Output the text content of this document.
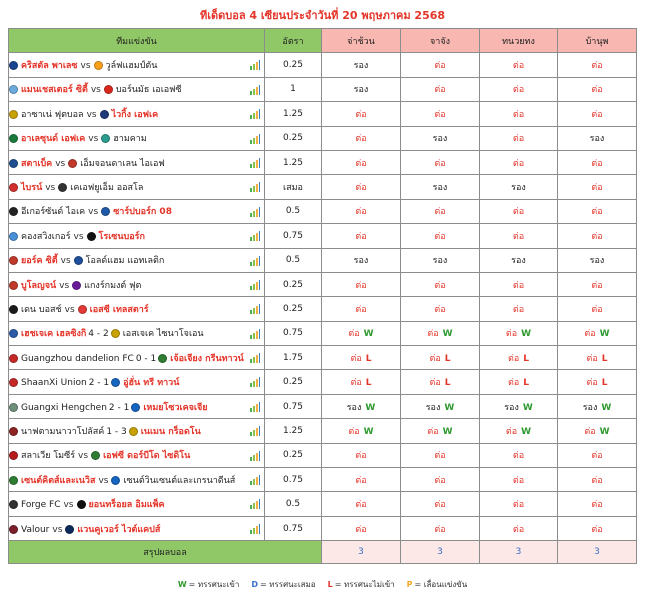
ทีเด็ดบอล 4 เซียนประจำวันที่ 20 พฤษภาคม 2568
ทีมแข่งขัน	อัตรา	จ่าช้วน	จาจัง	ทนวยทง	บ้านุพ
คริสตัล พาเลซ vs วูล์ฟแฮมป์ตัน	0.25	รอง	ต่อ	ต่อ	ต่อ
แมนเชสเตอร์ ซิตี้ vs บอร์นมัธ เอเอฟซี	1	รอง	ต่อ	ต่อ	ต่อ
อาซาเน่ ฟุตบอล vs ไวกิ้ง เอฟเค	1.25	ต่อ	ต่อ	ต่อ	ต่อ
อาเลซุนด์ เอฟเค vs ฮามคาม	0.25	ต่อ	รอง	ต่อ	รอง
สตาเบ็ค vs เอ็มจอนดาเลน ไอเอฟ	1.25	ต่อ	ต่อ	ต่อ	ต่อ
ไบรน์ vs เคเอฟยูเอ็ม ออสโล	เสมอ	ต่อ	รอง	รอง	ต่อ
อีเกอร์ซันด์ ไอเค vs ซาร์ปบอร์ก 08	0.5	ต่อ	ต่อ	ต่อ	ต่อ
คองสวิงเกอร์ vs โรเซนบอร์ก	0.75	ต่อ	ต่อ	ต่อ	ต่อ
ยอร์ค ซิตี้ vs โอลด์แฮม แอทเลติก	0.5	รอง	รอง	รอง	รอง
บูโลญจน์ vs แกงร์กมงต์ ฟุต	0.25	ต่อ	ต่อ	ต่อ	ต่อ
เดน บอสช์ vs เอสซี เทลสตาร์	0.25	ต่อ	ต่อ	ต่อ	ต่อ
เฮชเจเค เฮลซิงกิ 4 - 2 เอสเจเค ไซนาโจเอน	0.75	ต่อ W	ต่อ W	ต่อ W	ต่อ W
Guangzhou dandelion FC 0 - 1 เจ้อเจียง กรีนทาวน์	1.75	ต่อ L	ต่อ L	ต่อ L	ต่อ L
ShaanXi Union 2 - 1 อู่ฮั่น ทรี ทาวน์	0.25	ต่อ L	ต่อ L	ต่อ L	ต่อ L
Guangxi Hengchen 2 - 1 เหมยโซวเคจเจีย	0.75	รอง W	รอง W	รอง W	รอง W
นาฟตามนาวาโปลัสค์ 1 - 3 เนเมน กร็อดโน	1.25	ต่อ W	ต่อ W	ต่อ W	ต่อ W
สลาเวีย โมซีร์ vs เอฟซี ดอร์บีโด ไซดิโน	0.25	ต่อ	ต่อ	ต่อ	ต่อ
เซนต์คิตส์และเนวิส vs เซนต์วินเซนต์และเกรนาดีนส์	0.75	ต่อ	ต่อ	ต่อ	ต่อ
Forge FC vs ยอนทร็อยล อิมแพ็ค	0.5	ต่อ	ต่อ	ต่อ	ต่อ
Valour vs แวนคูเวอร์ ไวต์แคปส์	0.75	ต่อ	ต่อ	ต่อ	ต่อ
สรุปผลบอล		3	3	3	3
W = ทรรศนะเข้า D = ทรรศนะเสมอ L = ทรรศนะไม่เข้า P = เลื่อนแข่งขัน
